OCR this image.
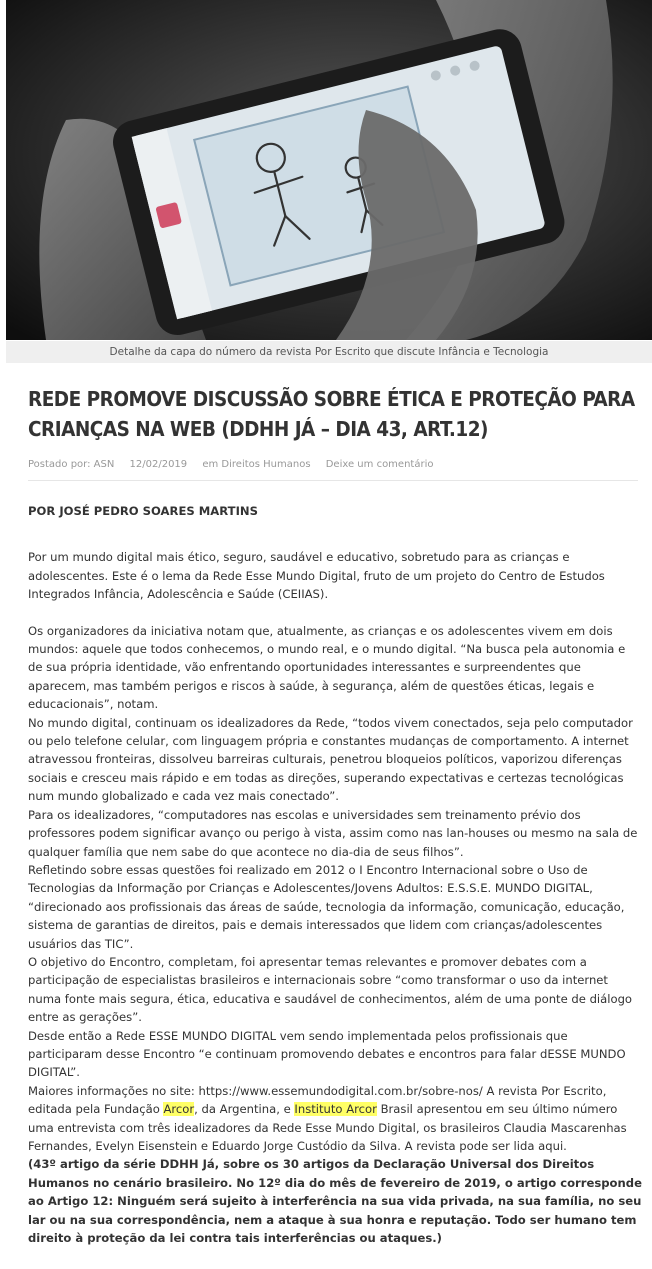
Detalhe da capa do número da revista Por Escrito que discute Infância e Tecnologia
REDE PROMOVE DISCUSSÃO SOBRE ÉTICA E PROTEÇÃO PARA CRIANÇAS NA WEB (DDHH JÁ – DIA 43, ART.12)
Postado por: ASN 12/02/2019 em Direitos Humanos Deixe um comentário

POR JOSÉ PEDRO SOARES MARTINS

Por um mundo digital mais ético, seguro, saudável e educativo, sobretudo para as crianças e adolescentes. Este é o lema da Rede Esse Mundo Digital, fruto de um projeto do Centro de Estudos Integrados Infância, Adolescência e Saúde (CEIIAS).

Os organizadores da iniciativa notam que, atualmente, as crianças e os adolescentes vivem em dois mundos: aquele que todos conhecemos, o mundo real, e o mundo digital. “Na busca pela autonomia e de sua própria identidade, vão enfrentando oportunidades interessantes e surpreendentes que aparecem, mas também perigos e riscos à saúde, à segurança, além de questões éticas, legais e educacionais”, notam.

No mundo digital, continuam os idealizadores da Rede, “todos vivem conectados, seja pelo computador ou pelo telefone celular, com linguagem própria e constantes mudanças de comportamento. A internet atravessou fronteiras, dissolveu barreiras culturais, penetrou bloqueios políticos, vaporizou diferenças sociais e cresceu mais rápido e em todas as direções, superando expectativas e certezas tecnológicas num mundo globalizado e cada vez mais conectado”.

Para os idealizadores, “computadores nas escolas e universidades sem treinamento prévio dos professores podem significar avanço ou perigo à vista, assim como nas lan-houses ou mesmo na sala de qualquer família que nem sabe do que acontece no dia-dia de seus filhos”.

Refletindo sobre essas questões foi realizado em 2012 o I Encontro Internacional sobre o Uso de Tecnologias da Informação por Crianças e Adolescentes/Jovens Adultos: E.S.S.E. MUNDO DIGITAL, “direcionado aos profissionais das áreas de saúde, tecnologia da informação, comunicação, educação, sistema de garantias de direitos, pais e demais interessados que lidem com crianças/adolescentes usuários das TIC”.

O objetivo do Encontro, completam, foi apresentar temas relevantes e promover debates com a participação de especialistas brasileiros e internacionais sobre “como transformar o uso da internet numa fonte mais segura, ética, educativa e saudável de conhecimentos, além de uma ponte de diálogo entre as gerações”.

Desde então a Rede ESSE MUNDO DIGITAL vem sendo implementada pelos profissionais que participaram desse Encontro “e continuam promovendo debates e encontros para falar dESSE MUNDO DIGITAL”.

Maiores informações no site: https://www.essemundodigital.com.br/sobre-nos/ A revista Por Escrito, editada pela Fundação Arcor, da Argentina, e Instituto Arcor Brasil apresentou em seu último número uma entrevista com três idealizadores da Rede Esse Mundo Digital, os brasileiros Claudia Mascarenhas Fernandes, Evelyn Eisenstein e Eduardo Jorge Custódio da Silva. A revista pode ser lida aqui.

(43º artigo da série DDHH Já, sobre os 30 artigos da Declaração Universal dos Direitos Humanos no cenário brasileiro. No 12º dia do mês de fevereiro de 2019, o artigo corresponde ao Artigo 12: Ninguém será sujeito à interferência na sua vida privada, na sua família, no seu lar ou na sua correspondência, nem a ataque à sua honra e reputação. Todo ser humano tem direito à proteção da lei contra tais interferências ou ataques.)
